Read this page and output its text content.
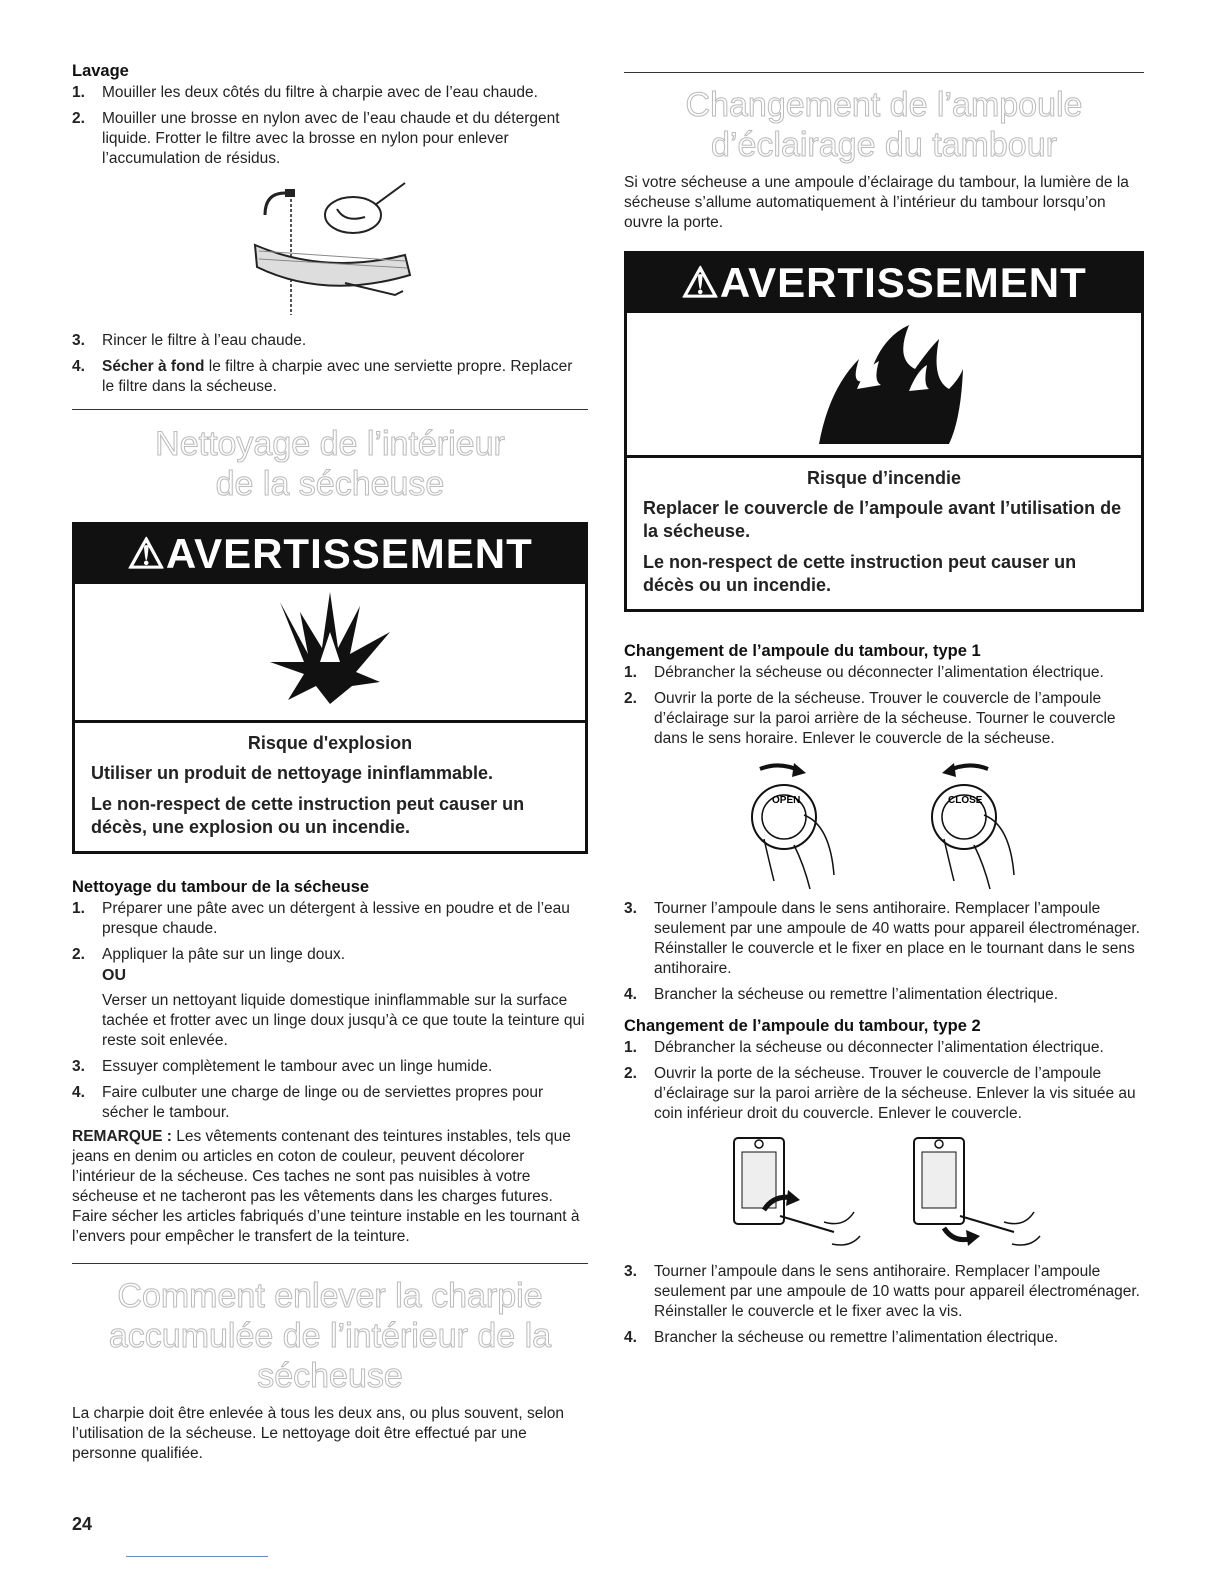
Lavage
1.	Mouiller les deux côtés du filtre à charpie avec de l’eau chaude.
2.	Mouiller une brosse en nylon avec de l’eau chaude et du détergent liquide. Frotter le filtre avec la brosse en nylon pour enlever l’accumulation de résidus.
3.	Rincer le filtre à l’eau chaude.
4.	Sécher à fond le filtre à charpie avec une serviette propre. Replacer le filtre dans la sécheuse.
Nettoyage de l’intérieur
de la sécheuse
⚠AVERTISSEMENT
Risque d'explosion
Utiliser un produit de nettoyage ininflammable.
Le non-respect de cette instruction peut causer un décès, une explosion ou un incendie.
Nettoyage du tambour de la sécheuse
1.	Préparer une pâte avec un détergent à lessive en poudre et de l’eau presque chaude.
2.	Appliquer la pâte sur un linge doux.
OU
Verser un nettoyant liquide domestique ininflammable sur la surface tachée et frotter avec un linge doux jusqu’à ce que toute la teinture qui reste soit enlevée.
3.	Essuyer complètement le tambour avec un linge humide.
4.	Faire culbuter une charge de linge ou de serviettes propres pour sécher le tambour.
REMARQUE : Les vêtements contenant des teintures instables, tels que jeans en denim ou articles en coton de couleur, peuvent décolorer l’intérieur de la sécheuse. Ces taches ne sont pas nuisibles à votre sécheuse et ne tacheront pas les vêtements dans les charges futures. Faire sécher les articles fabriqués d’une teinture instable en les tournant à l’envers pour empêcher le transfert de la teinture.
Comment enlever la charpie
accumulée de l’intérieur de la
sécheuse
La charpie doit être enlevée à tous les deux ans, ou plus souvent, selon l’utilisation de la sécheuse. Le nettoyage doit être effectué par une personne qualifiée.
Changement de l’ampoule
d’éclairage du tambour
Si votre sécheuse a une ampoule d’éclairage du tambour, la lumière de la sécheuse s’allume automatiquement à l’intérieur du tambour lorsqu’on ouvre la porte.
⚠AVERTISSEMENT
Risque d’incendie
Replacer le couvercle de l’ampoule avant l’utilisation de la sécheuse.
Le non-respect de cette instruction peut causer un décès ou un incendie.
Changement de l’ampoule du tambour, type 1
1.	Débrancher la sécheuse ou déconnecter l’alimentation électrique.
2.	Ouvrir la porte de la sécheuse. Trouver le couvercle de l’ampoule d’éclairage sur la paroi arrière de la sécheuse. Tourner le couvercle dans le sens horaire. Enlever le couvercle de la sécheuse.
OPEN	CLOSE
3.	Tourner l’ampoule dans le sens antihoraire. Remplacer l’ampoule seulement par une ampoule de 40 watts pour appareil électroménager. Réinstaller le couvercle et le fixer en place en le tournant dans le sens antihoraire.
4.	Brancher la sécheuse ou remettre l’alimentation électrique.
Changement de l’ampoule du tambour, type 2
1.	Débrancher la sécheuse ou déconnecter l’alimentation électrique.
2.	Ouvrir la porte de la sécheuse. Trouver le couvercle de l’ampoule d’éclairage sur la paroi arrière de la sécheuse. Enlever la vis située au coin inférieur droit du couvercle. Enlever le couvercle.
3.	Tourner l’ampoule dans le sens antihoraire. Remplacer l’ampoule seulement par une ampoule de 10 watts pour appareil électroménager. Réinstaller le couvercle et le fixer avec la vis.
4.	Brancher la sécheuse ou remettre l’alimentation électrique.
24
